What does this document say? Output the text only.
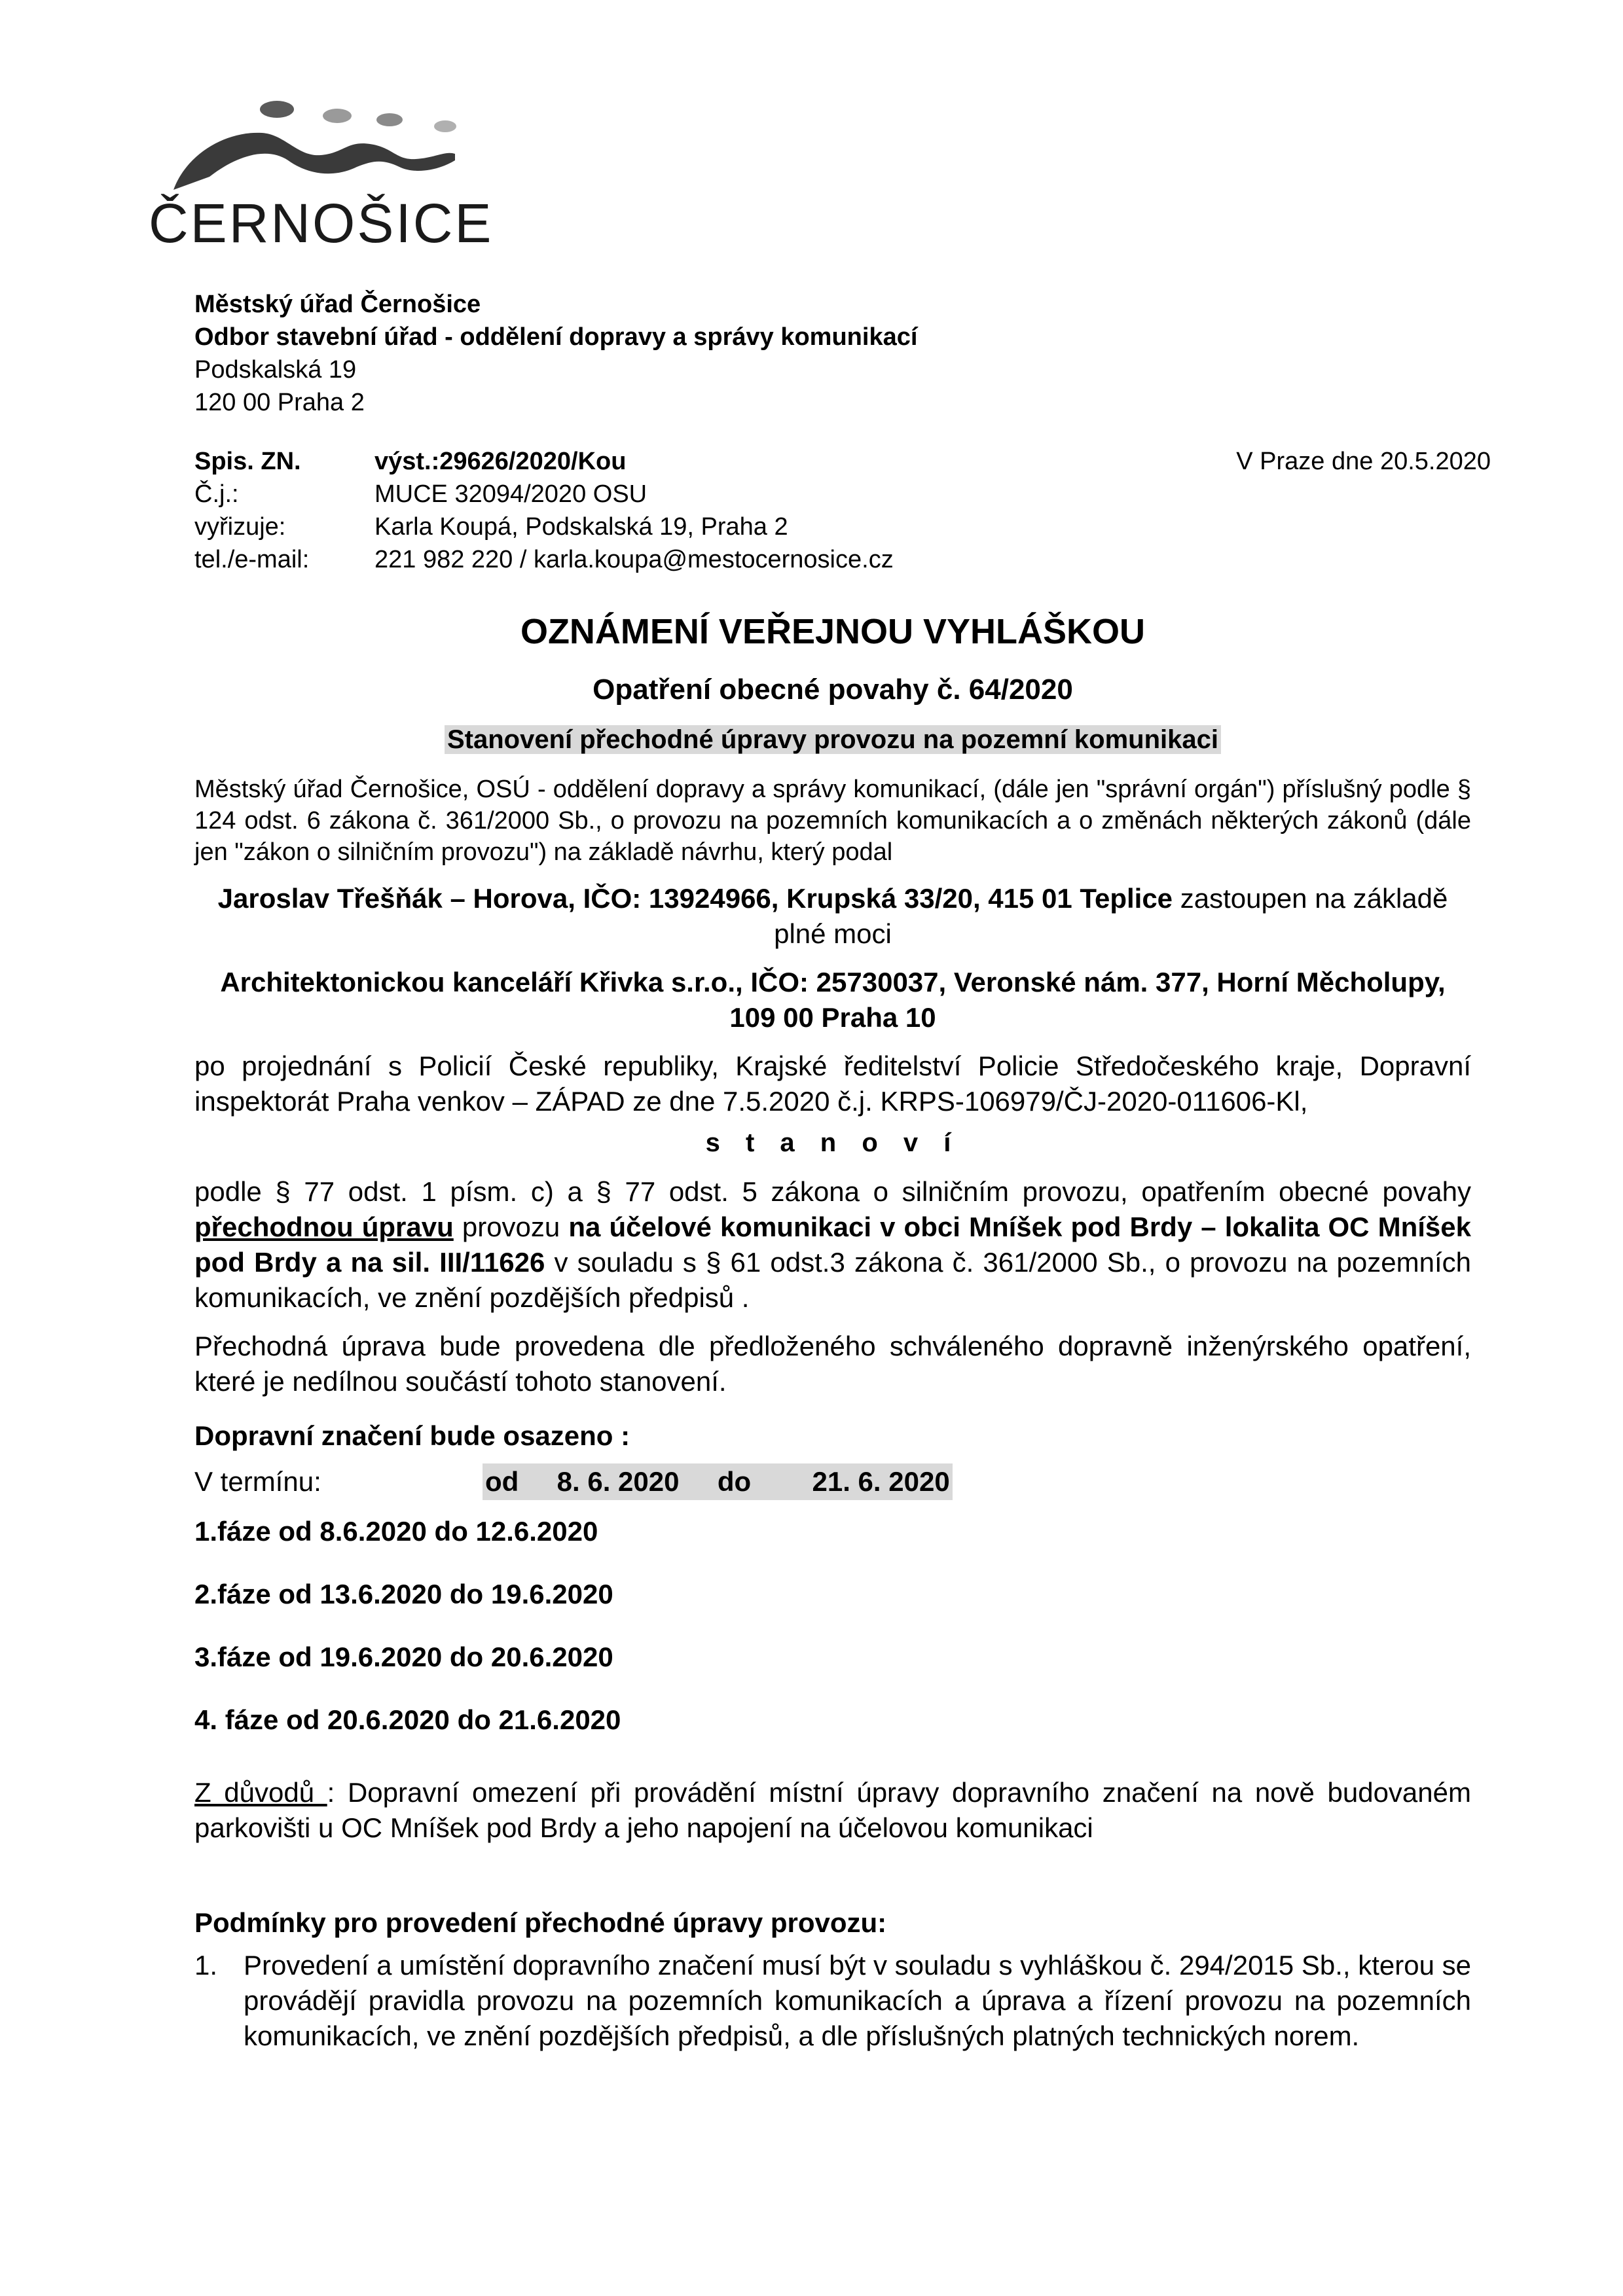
ČERNOŠICE

Městský úřad Černošice

Odbor stavební úřad - oddělení dopravy a správy komunikací

Podskalská 19

120 00 Praha 2

Spis. ZN.	výst.:29626/2020/Kou
Č.j.:	MUCE 32094/2020 OSU
vyřizuje:	Karla Koupá, Podskalská 19, Praha 2
tel./e-mail:	221 982 220 / karla.koupa@mestocernosice.cz
V Praze dne 20.5.2020

OZNÁMENÍ VEŘEJNOU VYHLÁŠKOU

Opatření obecné povahy č. 64/2020

Stanovení přechodné úpravy provozu na pozemní komunikaci

Městský úřad Černošice, OSÚ - oddělení dopravy a správy komunikací, (dále jen "správní orgán") příslušný podle § 124 odst. 6 zákona č. 361/2000 Sb., o provozu na pozemních komunikacích a o změnách některých zákonů (dále jen "zákon o silničním provozu") na základě návrhu, který podal

Jaroslav Třešňák – Horova, IČO: 13924966, Krupská 33/20, 415 01 Teplice zastoupen na základě plné moci

Architektonickou kanceláří Křivka s.r.o., IČO: 25730037, Veronské nám. 377, Horní Měcholupy, 109 00 Praha 10

po projednání s Policií České republiky, Krajské ředitelství Policie Středočeského kraje, Dopravní inspektorát Praha venkov – ZÁPAD ze dne 7.5.2020 č.j. KRPS-106979/ČJ-2020-011606-Kl,

s t a n o v í

podle § 77 odst. 1 písm. c) a § 77 odst. 5 zákona o silničním provozu, opatřením obecné povahy přechodnou úpravu provozu na účelové komunikaci v obci Mníšek pod Brdy – lokalita OC Mníšek pod Brdy a na sil. III/11626 v souladu s § 61 odst.3 zákona č. 361/2000 Sb., o provozu na pozemních komunikacích, ve znění pozdějších předpisů .

Přechodná úprava bude provedena dle předloženého schváleného dopravně inženýrského opatření, které je nedílnou součástí tohoto stanovení.

Dopravní značení bude osazeno :

V termínu:	od     8. 6. 2020     do        21. 6. 2020

1.fáze od 8.6.2020 do 12.6.2020

2.fáze od 13.6.2020 do 19.6.2020

3.fáze od 19.6.2020 do 20.6.2020

4. fáze od 20.6.2020 do 21.6.2020

Z důvodů : Dopravní omezení při provádění místní úpravy dopravního značení na nově budovaném parkovišti u OC Mníšek pod Brdy a jeho napojení na účelovou komunikaci

Podmínky pro provedení přechodné úpravy provozu:

1. Provedení a umístění dopravního značení musí být v souladu s vyhláškou č. 294/2015 Sb., kterou se provádějí pravidla provozu na pozemních komunikacích a úprava a řízení provozu na pozemních komunikacích, ve znění pozdějších předpisů, a dle příslušných platných technických norem.
